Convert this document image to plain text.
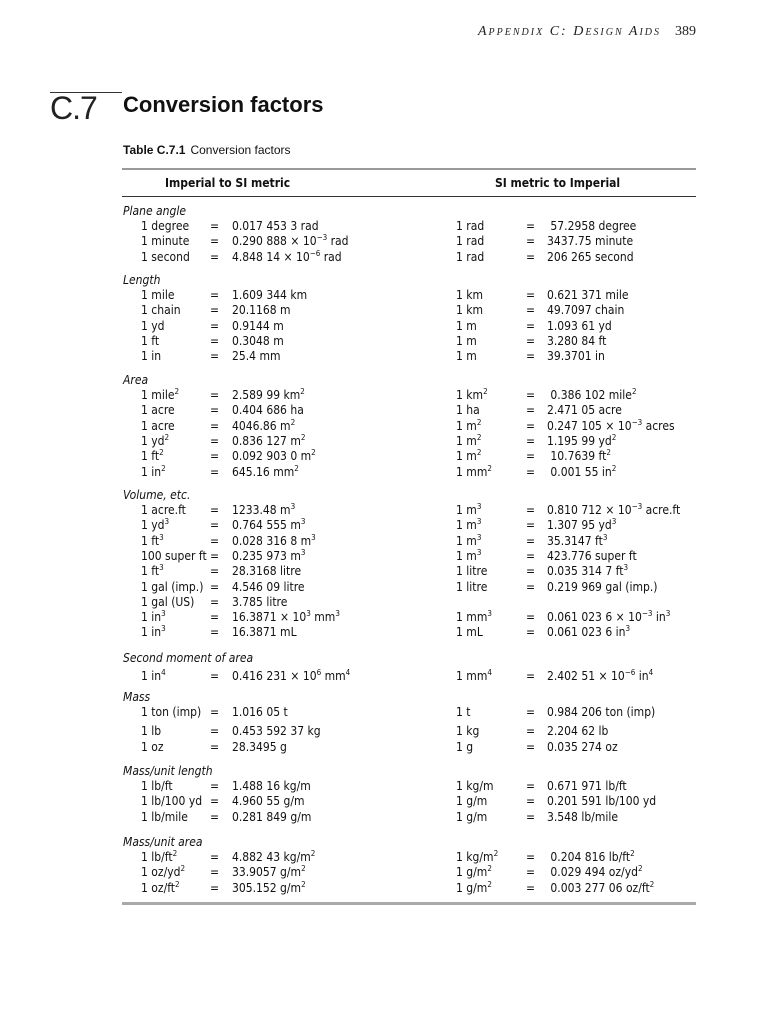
Appendix C: Design Aids 389
C.7 Conversion factors
Table C.7.1 Conversion factors
Imperial to SI metric	SI metric to Imperial
Plane angle
1 degree = 0.017 453 3 rad	1 rad	= 57.2958 degree
1 minute = 0.290 $888 \times 10^{-3}$ rad	1 rad	= 3437.75 minute
1 second = 4.848 $14 \times 10^{-6}$ rad	1 rad	= 206 265 second
Length
1 mile	= 1.609 344 km	1 km	= 0.621 371 mile
1 chain = 20.1168 m	1 km	= 49.7097 chain
1 yd	= 0.9144 m	1 m	= 1.093 61 yd
1 ft	= 0.3048 m	1 m	= 3.280 84 ft
1 in	= 25.4 mm	1 m	= 39.3701 in
Area
1 mile$^2$	= 2.589 99 $km^2$	1 $km^2$	= 0.386 102 mile$^2$
1 acre	= 0.404 686 ha	1 ha	= 2.471 05 acre
1 acre	= 4046.86 $m^2$	1 $m^2$	= 0.247 $105 \times 10^{-3}$ acres
1 $yd^2$	= 0.836 127 $m^2$	1 $m^2$	= 1.195 99 $yd^2$
1 $ft^2$	= 0.092 903 0 $m^2$	1 $m^2$	= 10.7639 $ft^2$
1 $in^2$	= 645.16 $mm^2$	1 $mm^2$	= 0.001 55 $in^2$
Volume, etc.
1 acre.ft = 1233.48 $m^3$	1 $m^3$	= 0.810 $712 \times 10^{-3}$ acre.ft
1 $yd^3$	= 0.764 555 $m^3$	1 $m^3$	= 1.307 95 $yd^3$
1 $ft^3$	= 0.028 316 8 $m^3$	1 $m^3$	= 35.3147 $ft^3$
100 super ft = 0.235 973 $m^3$	1 $m^3$	= 423.776 super ft
1 $ft^3$	= 28.3168 litre	1 litre	= 0.035 314 7 $ft^3$
1 gal (imp.) = 4.546 09 litre	1 litre	= 0.219 969 gal (imp.)
1 gal (US) = 3.785 litre
1 $in^3$	= $16.3871 \times 10^3$ $mm^3$	1 $mm^3$	= 0.061 023 $6 \times 10^{-3}$ $in^3$
1 $in^3$	= 16.3871 mL	1 mL	= 0.061 023 6 $in^3$
Second moment of area
1 $in^4$	= 0.416 $231 \times 10^6$ $mm^4$	1 $mm^4$	= 2.402 $51 \times 10^{-6}$ $in^4$
Mass
1 ton (imp) = 1.016 05 t	1 t	= 0.984 206 ton (imp)
1 lb	= 0.453 592 37 kg	1 kg	= 2.204 62 lb
1 oz	= 28.3495 g	1 g	= 0.035 274 oz
Mass/unit length
1 lb/ft	= 1.488 16 kg/m	1 kg/m	= 0.671 971 lb/ft
1 lb/100 yd = 4.960 55 g/m	1 g/m	= 0.201 591 lb/100 yd
1 lb/mile = 0.281 849 g/m	1 g/m	= 3.548 lb/mile
Mass/unit area
1 $lb/ft^2$	= 4.882 43 $kg/m^2$	1 $kg/m^2 = 0.204$ 816 $lb/ft^2$
1 $oz/yd^2 = 33.9057$ $g/m^2$	1 $g/m^2$	= 0.029 494 $oz/yd^2$
1 $oz/ft^2$	= 305.152 $g/m^2$	1 $g/m^2$	= 0.003 277 06 $oz/ft^2$
